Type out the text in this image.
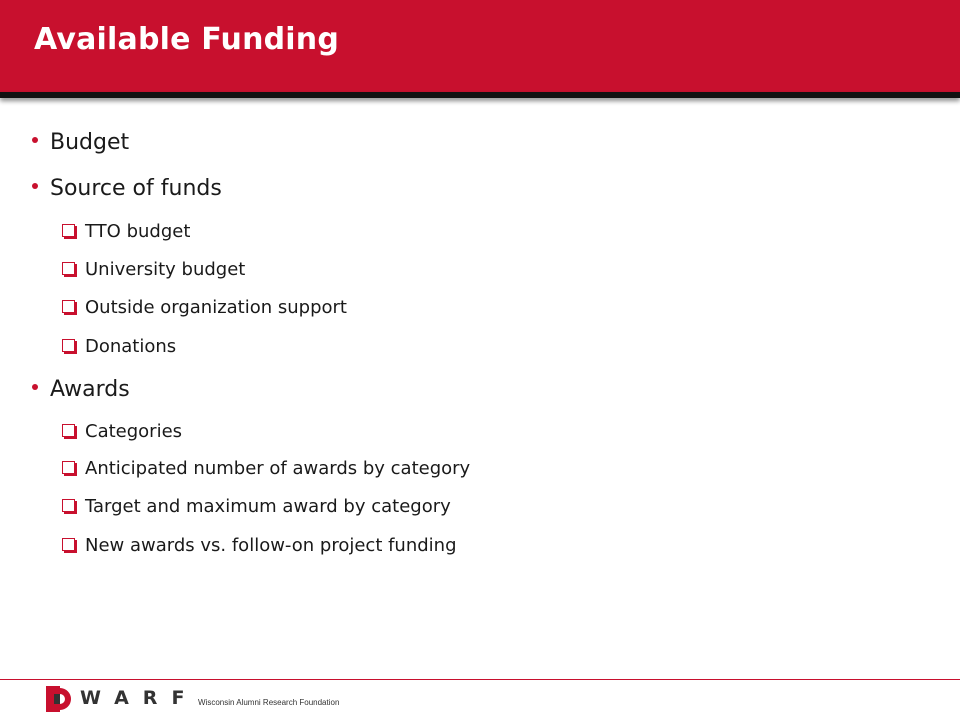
Available Funding
Budget
Source of funds
TTO budget
University budget
Outside organization support
Donations
Awards
Categories
Anticipated number of awards by category
Target and maximum award by category
New awards vs. follow-on project funding
WARF Wisconsin Alumni Research Foundation
